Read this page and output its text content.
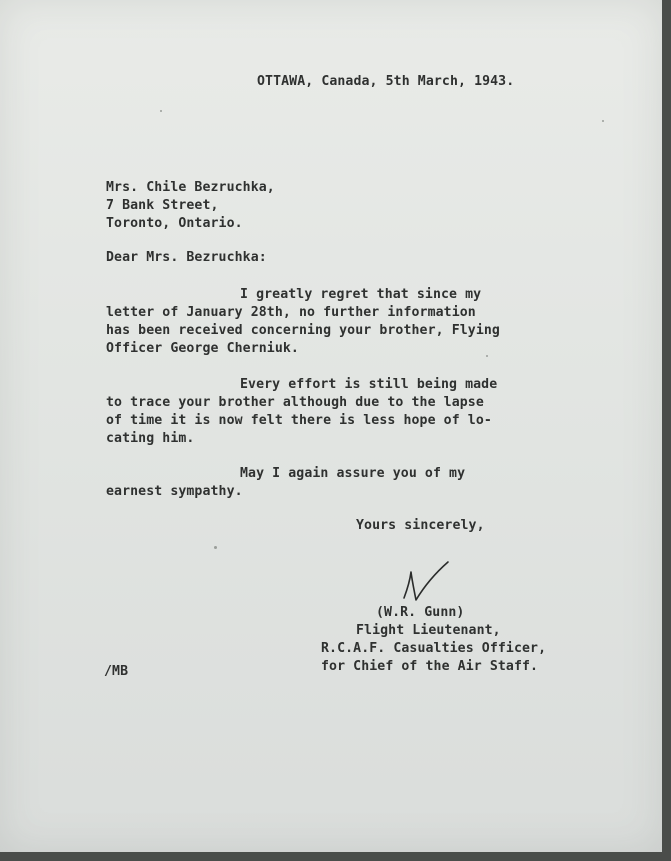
OTTAWA, Canada, 5th March, 1943.
Mrs. Chile Bezruchka,
7 Bank Street,
Toronto, Ontario.
Dear Mrs. Bezruchka:
I greatly regret that since my
letter of January 28th, no further information
has been received concerning your brother, Flying
Officer George Cherniuk.
Every effort is still being made
to trace your brother although due to the lapse
of time it is now felt there is less hope of lo-
cating him.
May I again assure you of my
earnest sympathy.
Yours sincerely,
(W.R. Gunn)
Flight Lieutenant,
R.C.A.F. Casualties Officer,
for Chief of the Air Staff.
/MB
